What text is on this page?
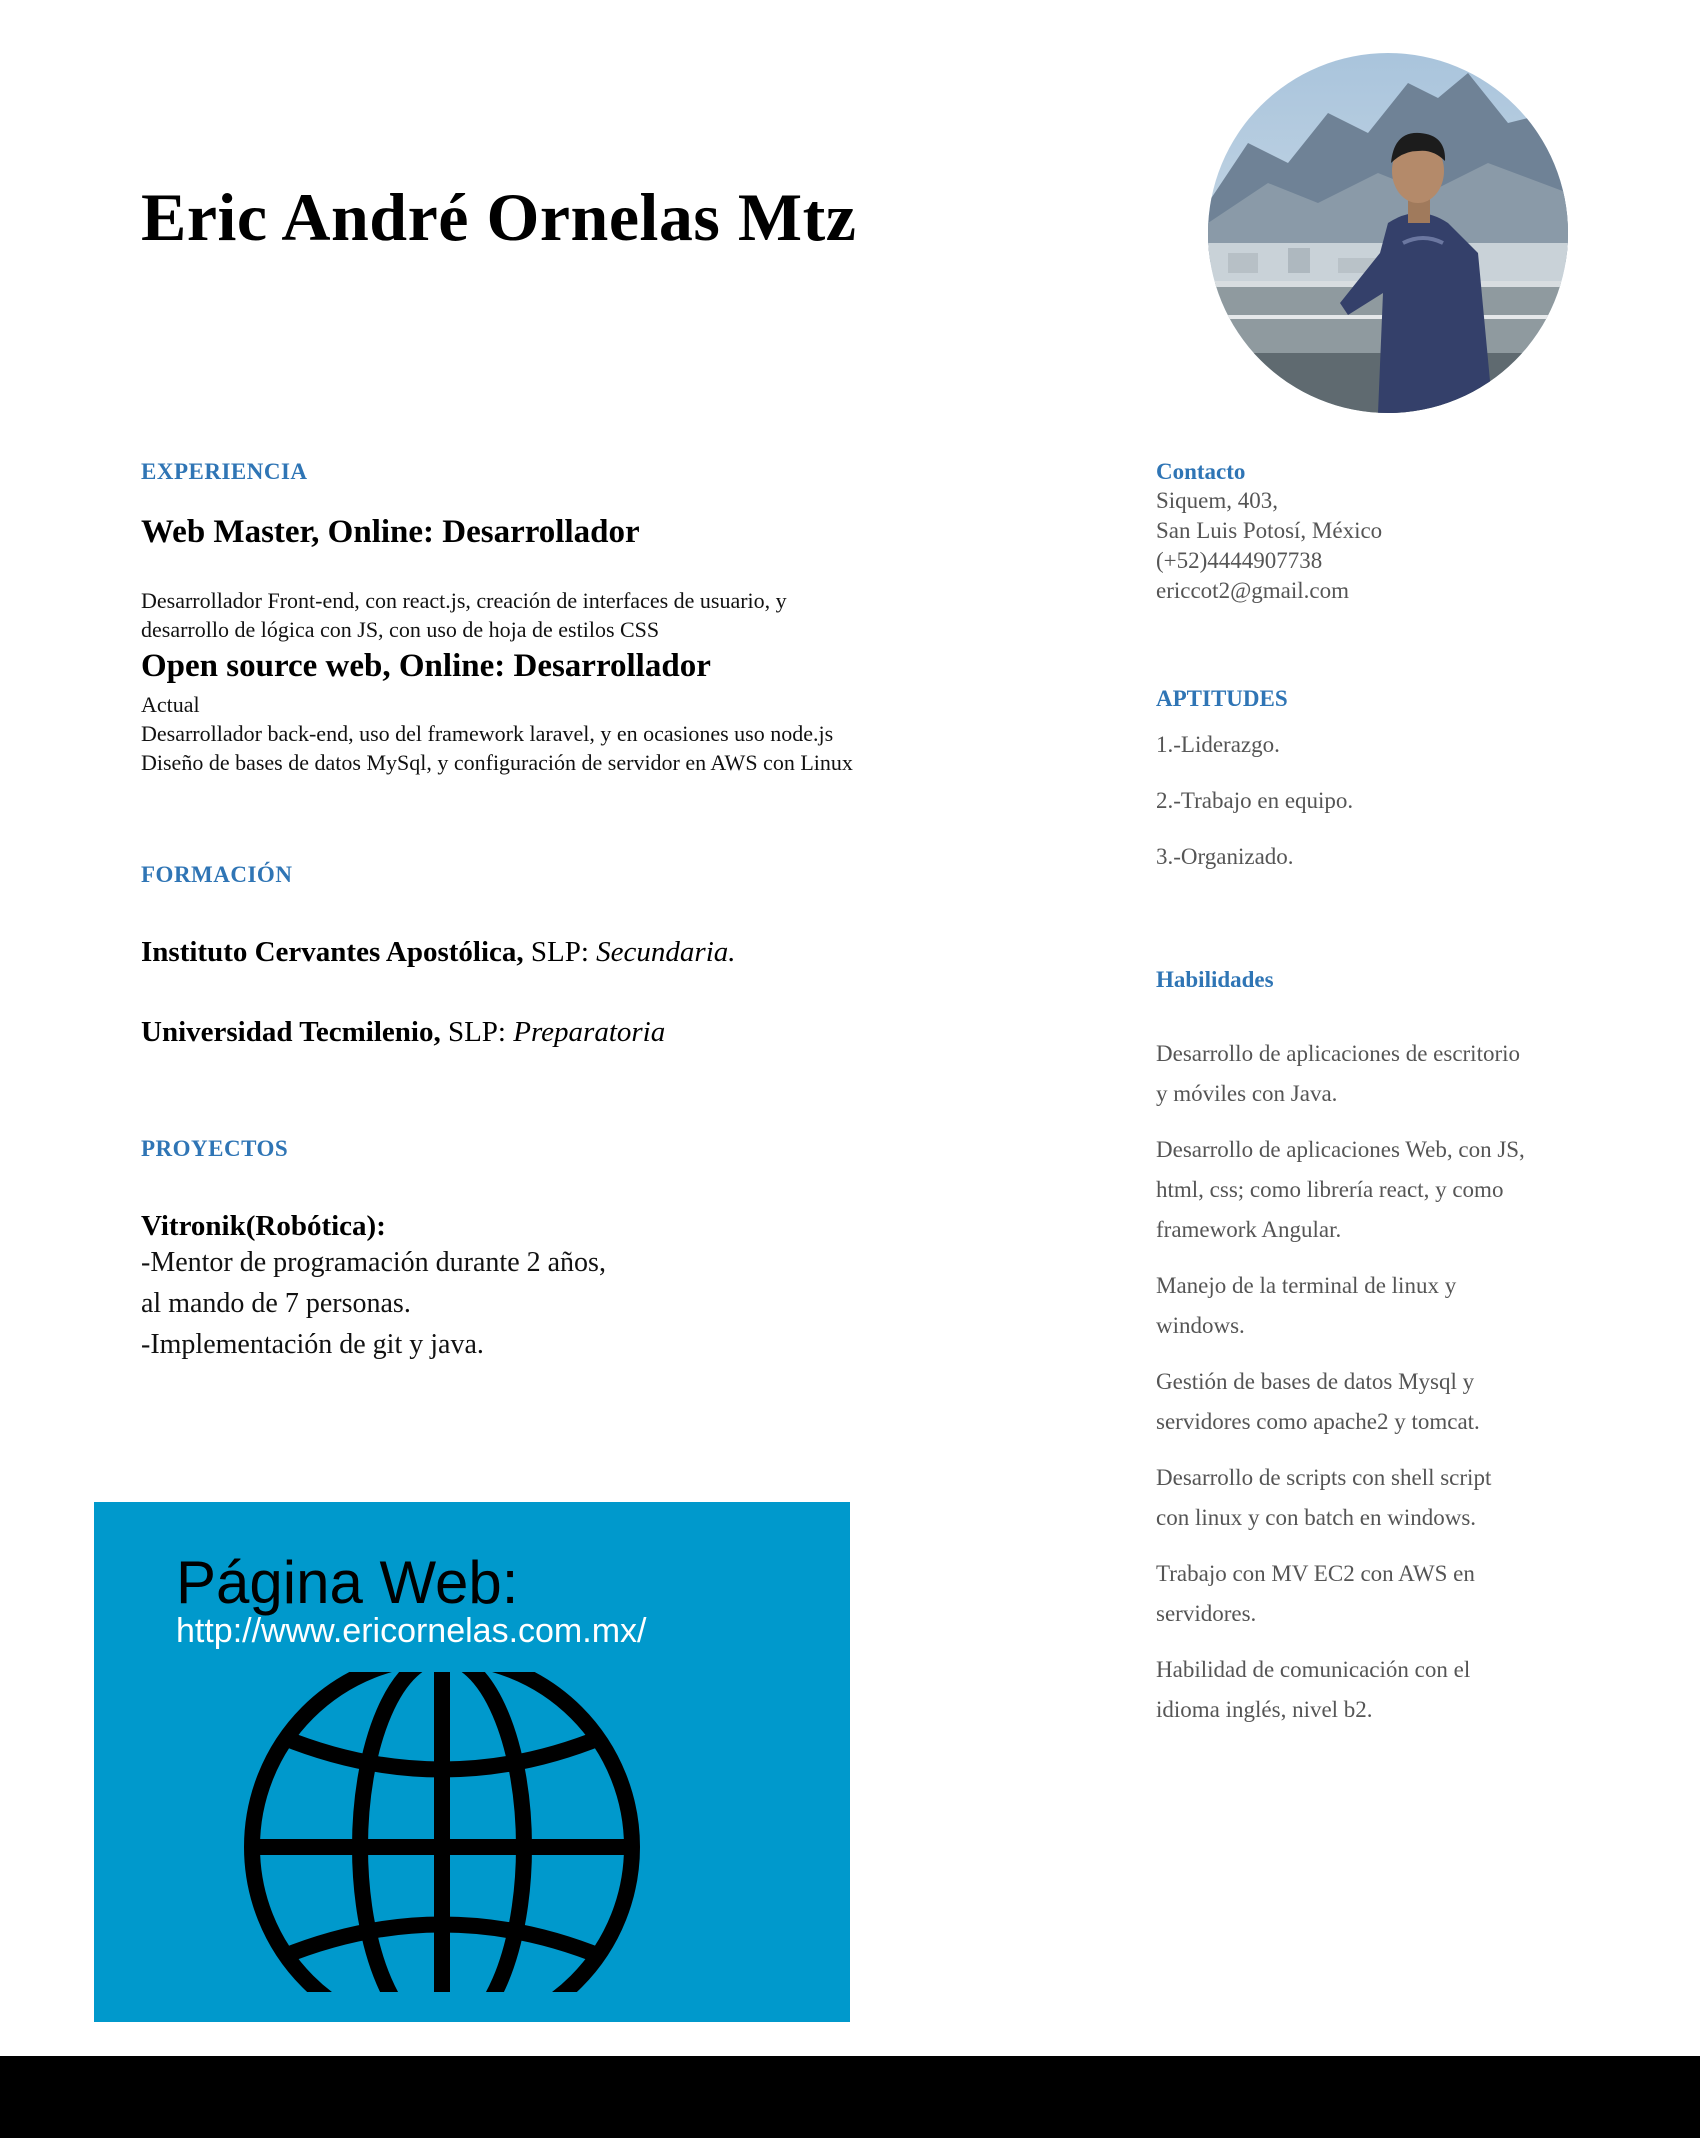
Eric André Ornelas Mtz
EXPERIENCIA
Web Master, Online: Desarrollador
Desarrollador Front-end, con react.js, creación de interfaces de usuario, y
desarrollo de lógica con JS, con uso de hoja de estilos CSS
Open source web, Online: Desarrollador
Actual
Desarrollador back-end, uso del framework laravel, y en ocasiones uso node.js
Diseño de bases de datos MySql, y configuración de servidor en AWS con Linux
FORMACIÓN
Instituto Cervantes Apostólica, SLP: Secundaria.
Universidad Tecmilenio, SLP: Preparatoria
PROYECTOS
Vitronik(Robótica):
-Mentor de programación durante 2 años,
al mando de 7 personas.
-Implementación de git y java.
Contacto
Siquem, 403,
San Luis Potosí, México
(+52)4444907738
ericcot2@gmail.com
APTITUDES
1.-Liderazgo.
2.-Trabajo en equipo.
3.-Organizado.
Habilidades
Desarrollo de aplicaciones de escritorio y móviles con Java.
Desarrollo de aplicaciones Web, con JS, html, css; como librería react, y como framework Angular.
Manejo de la terminal de linux y windows.
Gestión de bases de datos Mysql y servidores como apache2 y tomcat.
Desarrollo de scripts con shell script con linux y con batch en windows.
Trabajo con MV EC2 con AWS en servidores.
Habilidad de comunicación con el idioma inglés, nivel b2.
Página Web:
http://www.ericornelas.com.mx/
